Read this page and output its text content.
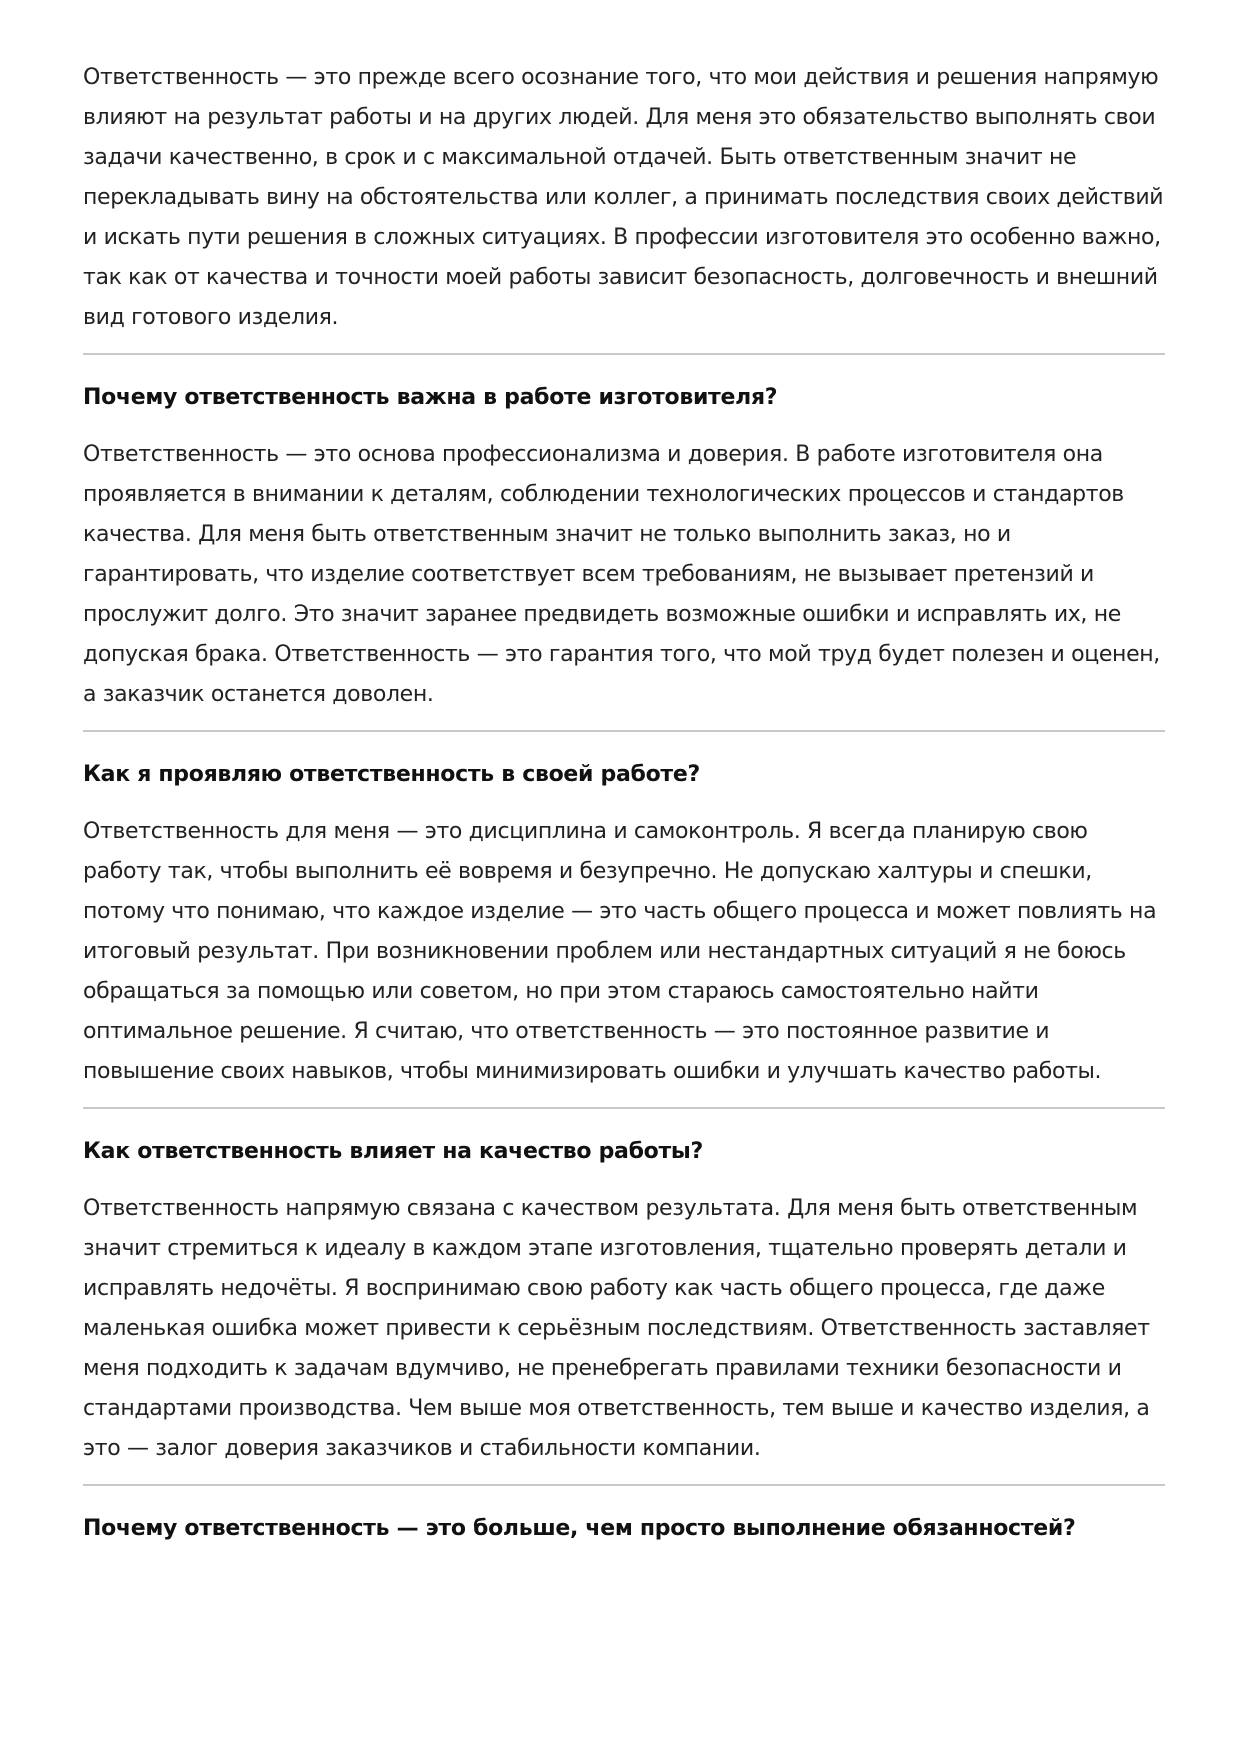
Ответственность — это прежде всего осознание того, что мои действия и решения напрямую влияют на результат работы и на других людей. Для меня это обязательство выполнять свои задачи качественно, в срок и с максимальной отдачей. Быть ответственным значит не перекладывать вину на обстоятельства или коллег, а принимать последствия своих действий и искать пути решения в сложных ситуациях. В профессии изготовителя это особенно важно, так как от качества и точности моей работы зависит безопасность, долговечность и внешний вид готового изделия.

Почему ответственность важна в работе изготовителя?

Ответственность — это основа профессионализма и доверия. В работе изготовителя она проявляется в внимании к деталям, соблюдении технологических процессов и стандартов качества. Для меня быть ответственным значит не только выполнить заказ, но и гарантировать, что изделие соответствует всем требованиям, не вызывает претензий и прослужит долго. Это значит заранее предвидеть возможные ошибки и исправлять их, не допуская брака. Ответственность — это гарантия того, что мой труд будет полезен и оценен, а заказчик останется доволен.

Как я проявляю ответственность в своей работе?

Ответственность для меня — это дисциплина и самоконтроль. Я всегда планирую свою работу так, чтобы выполнить её вовремя и безупречно. Не допускаю халтуры и спешки, потому что понимаю, что каждое изделие — это часть общего процесса и может повлиять на итоговый результат. При возникновении проблем или нестандартных ситуаций я не боюсь обращаться за помощью или советом, но при этом стараюсь самостоятельно найти оптимальное решение. Я считаю, что ответственность — это постоянное развитие и повышение своих навыков, чтобы минимизировать ошибки и улучшать качество работы.

Как ответственность влияет на качество работы?

Ответственность напрямую связана с качеством результата. Для меня быть ответственным значит стремиться к идеалу в каждом этапе изготовления, тщательно проверять детали и исправлять недочёты. Я воспринимаю свою работу как часть общего процесса, где даже маленькая ошибка может привести к серьёзным последствиям. Ответственность заставляет меня подходить к задачам вдумчиво, не пренебрегать правилами техники безопасности и стандартами производства. Чем выше моя ответственность, тем выше и качество изделия, а это — залог доверия заказчиков и стабильности компании.

Почему ответственность — это больше, чем просто выполнение обязанностей?
